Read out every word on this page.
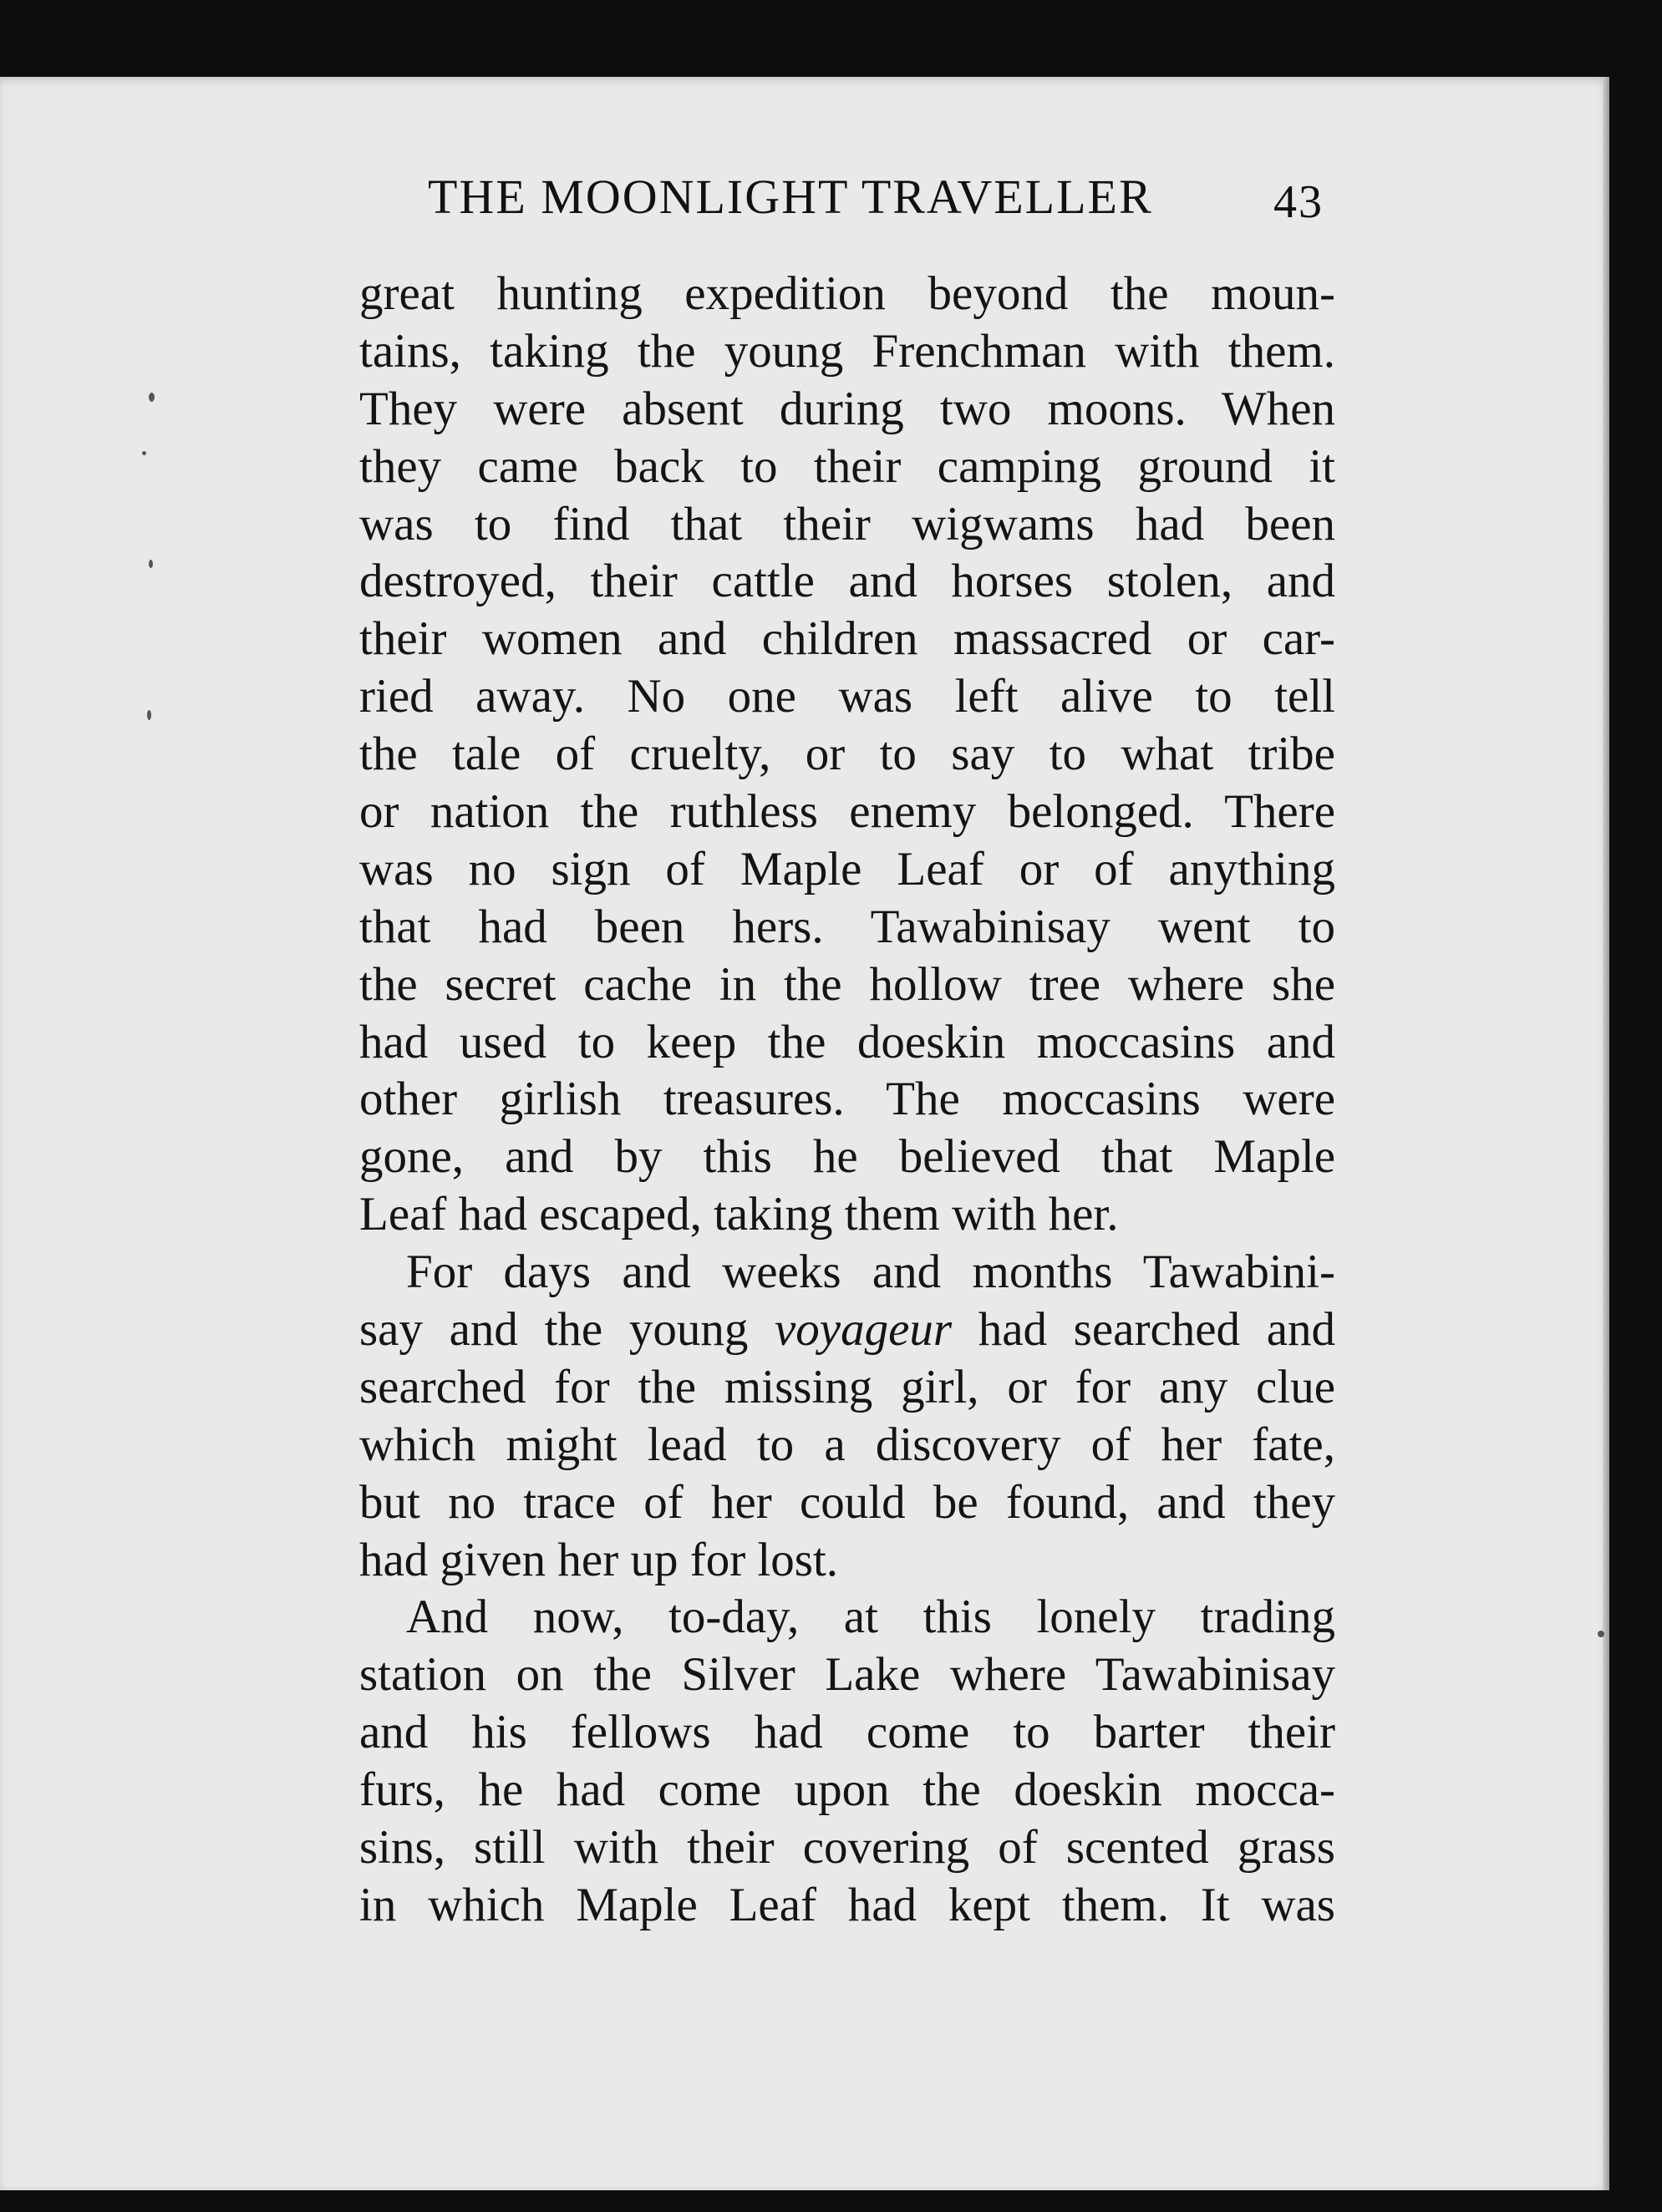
THE MOONLIGHT TRAVELLER	43
great hunting expedition beyond the moun-
tains, taking the young Frenchman with them.
They were absent during two moons. When
they came back to their camping ground it
was to find that their wigwams had been
destroyed, their cattle and horses stolen, and
their women and children massacred or car-
ried away. No one was left alive to tell
the tale of cruelty, or to say to what tribe
or nation the ruthless enemy belonged. There
was no sign of Maple Leaf or of anything
that had been hers. Tawabinisay went to
the secret cache in the hollow tree where she
had used to keep the doeskin moccasins and
other girlish treasures. The moccasins were
gone, and by this he believed that Maple
Leaf had escaped, taking them with her.
For days and weeks and months Tawabini-
say and the young voyageur had searched and
searched for the missing girl, or for any clue
which might lead to a discovery of her fate,
but no trace of her could be found, and they
had given her up for lost.
And now, to-day, at this lonely trading
station on the Silver Lake where Tawabinisay
and his fellows had come to barter their
furs, he had come upon the doeskin mocca-
sins, still with their covering of scented grass
in which Maple Leaf had kept them. It was
